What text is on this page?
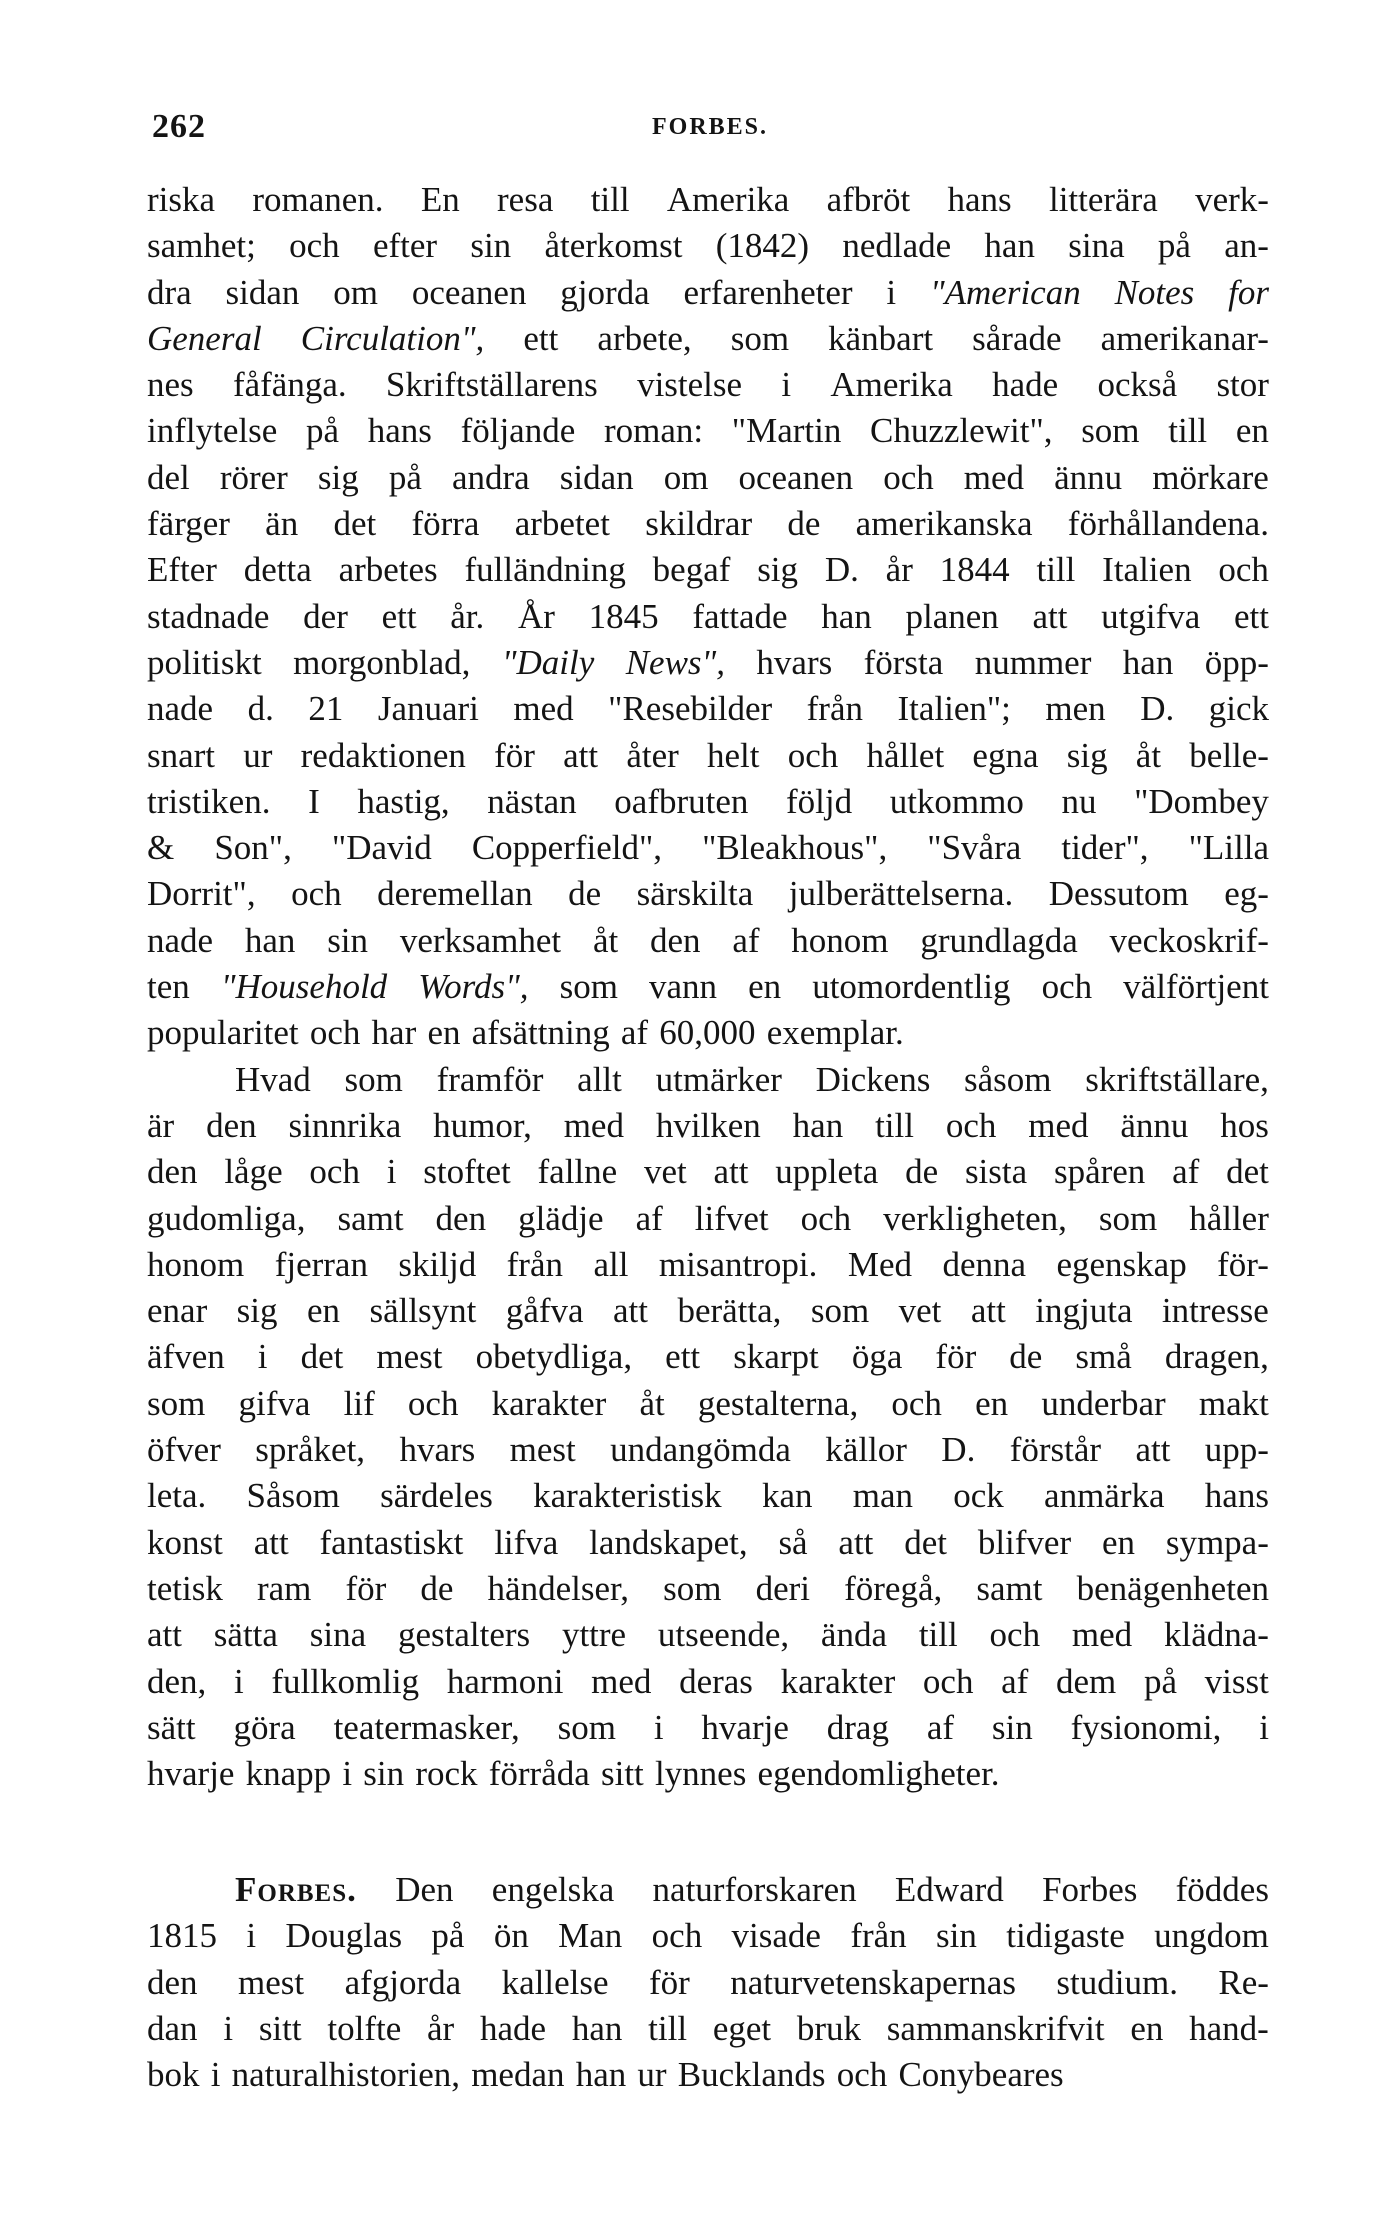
262	FORBES.
riska romanen. En resa till Amerika afbröt hans litterära verk-
samhet; och efter sin återkomst (1842) nedlade han sina på an-
dra sidan om oceanen gjorda erfarenheter i "American Notes for
General Circulation", ett arbete, som känbart sårade amerikanar-
nes fåfänga. Skriftställarens vistelse i Amerika hade också stor
inflytelse på hans följande roman: "Martin Chuzzlewit", som till en
del rörer sig på andra sidan om oceanen och med ännu mörkare
färger än det förra arbetet skildrar de amerikanska förhållandena.
Efter detta arbetes fulländning begaf sig D. år 1844 till Italien och
stadnade der ett år. År 1845 fattade han planen att utgifva ett
politiskt morgonblad, "Daily News", hvars första nummer han öpp-
nade d. 21 Januari med "Resebilder från Italien"; men D. gick
snart ur redaktionen för att åter helt och hållet egna sig åt belle-
tristiken. I hastig, nästan oafbruten följd utkommo nu "Dombey
& Son", "David Copperfield", "Bleakhous", "Svåra tider", "Lilla
Dorrit", och deremellan de särskilta julberättelserna. Dessutom eg-
nade han sin verksamhet åt den af honom grundlagda veckoskrif-
ten "Household Words", som vann en utomordentlig och välförtjent
popularitet och har en afsättning af 60,000 exemplar.
Hvad som framför allt utmärker Dickens såsom skriftställare,
är den sinnrika humor, med hvilken han till och med ännu hos
den låge och i stoftet fallne vet att uppleta de sista spåren af det
gudomliga, samt den glädje af lifvet och verkligheten, som håller
honom fjerran skiljd från all misantropi. Med denna egenskap för-
enar sig en sällsynt gåfva att berätta, som vet att ingjuta intresse
äfven i det mest obetydliga, ett skarpt öga för de små dragen,
som gifva lif och karakter åt gestalterna, och en underbar makt
öfver språket, hvars mest undangömda källor D. förstår att upp-
leta. Såsom särdeles karakteristisk kan man ock anmärka hans
konst att fantastiskt lifva landskapet, så att det blifver en sympa-
tetisk ram för de händelser, som deri föregå, samt benägenheten
att sätta sina gestalters yttre utseende, ända till och med klädna-
den, i fullkomlig harmoni med deras karakter och af dem på visst
sätt göra teatermasker, som i hvarje drag af sin fysionomi, i
hvarje knapp i sin rock förråda sitt lynnes egendomligheter.
Forbes. Den engelska naturforskaren Edward Forbes föddes
1815 i Douglas på ön Man och visade från sin tidigaste ungdom
den mest afgjorda kallelse för naturvetenskapernas studium. Re-
dan i sitt tolfte år hade han till eget bruk sammanskrifvit en hand-
bok i naturalhistorien, medan han ur Bucklands och Conybeares
